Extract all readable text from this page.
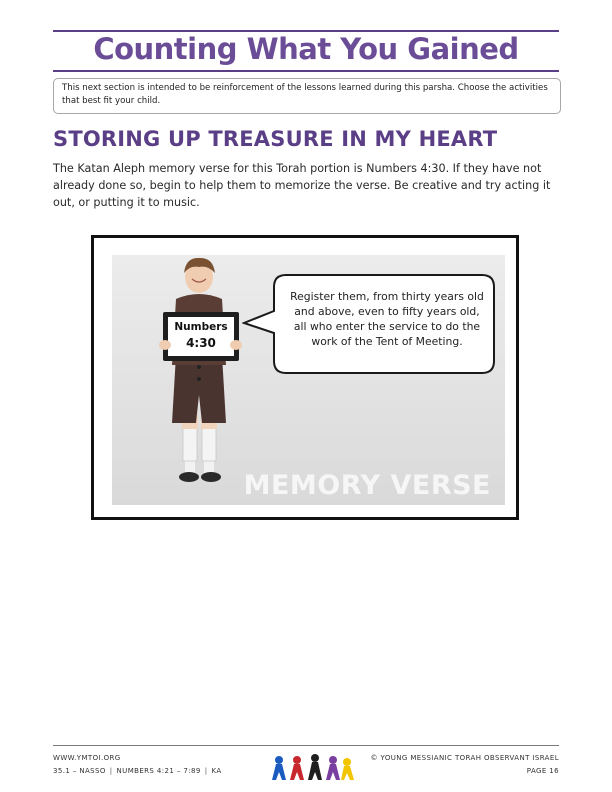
Counting What You Gained
This next section is intended to be reinforcement of the lessons learned during this parsha. Choose the activities that best fit your child.
STORING UP TREASURE IN MY HEART
The Katan Aleph memory verse for this Torah portion is Numbers 4:30. If they have not already done so, begin to help them to memorize the verse. Be creative and try acting it out, or putting it to music.
MEMORY VERSE
Numbers
4:30
Register them, from thirty years old and above, even to fifty years old, all who enter the service to do the work of the Tent of Meeting.
WWW.YMTOI.ORG	© YOUNG MESSIANIC TORAH OBSERVANT ISRAEL
35.1 – NASSO | NUMBERS 4:21 – 7:89 | KA	PAGE 16
